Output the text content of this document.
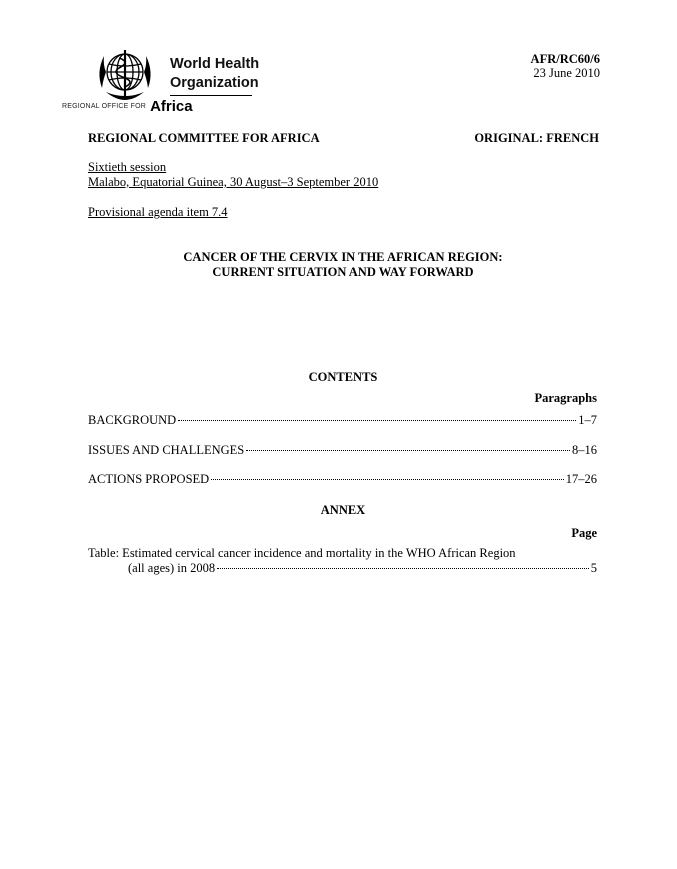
World Health
Organization
REGIONAL OFFICE FOR Africa
AFR/RC60/6
23 June 2010
REGIONAL COMMITTEE FOR AFRICA	ORIGINAL: FRENCH
Sixtieth session
Malabo, Equatorial Guinea, 30 August–3 September 2010
Provisional agenda item 7.4
CANCER OF THE CERVIX IN THE AFRICAN REGION:
CURRENT SITUATION AND WAY FORWARD
CONTENTS
Paragraphs
BACKGROUND	1–7
ISSUES AND CHALLENGES	8–16
ACTIONS PROPOSED	17–26
ANNEX
Page
Table: Estimated cervical cancer incidence and mortality in the WHO African Region
(all ages) in 2008	5
